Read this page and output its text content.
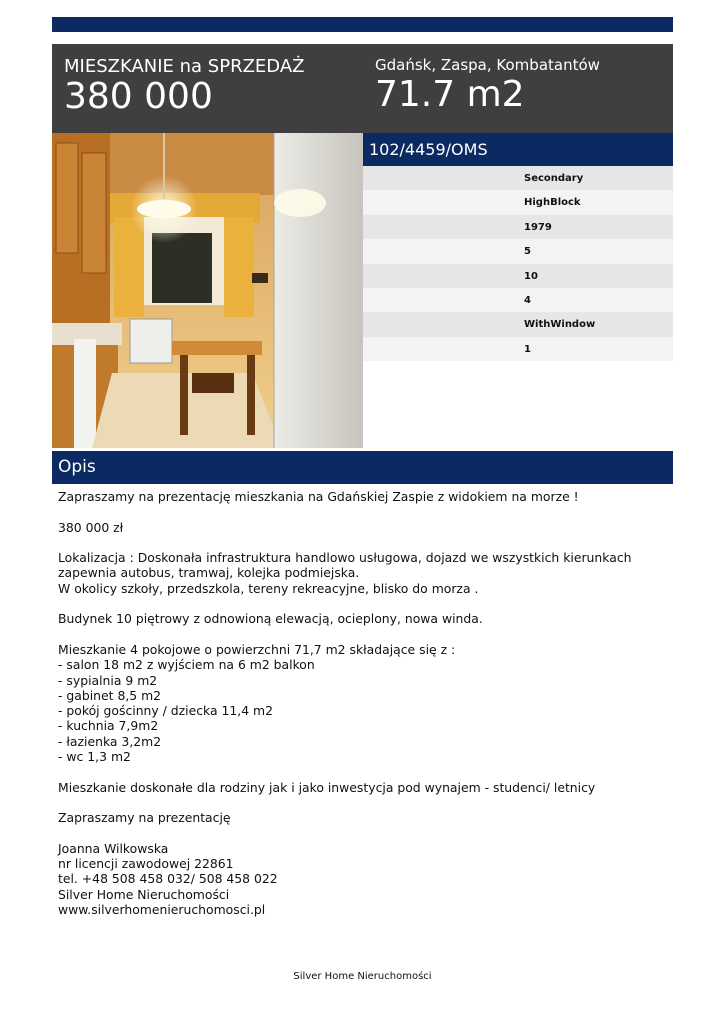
MIESZKANIE na SPRZEDAŻ
380 000
Gdańsk, Zaspa, Kombatantów
71.7 m2
102/4459/OMS
Secondary
HighBlock
1979
5
10
4
WithWindow
1
Opis

Zapraszamy na prezentację mieszkania na Gdańskiej Zaspie z widokiem na morze !

380 000 zł

Lokalizacja : Doskonała infrastruktura handlowo usługowa, dojazd we wszystkich kierunkach
zapewnia autobus, tramwaj, kolejka podmiejska.
W okolicy szkoły, przedszkola, tereny rekreacyjne, blisko do morza .

Budynek 10 piętrowy z odnowioną elewacją, ocieplony, nowa winda.

Mieszkanie 4 pokojowe o powierzchni 71,7 m2 składające się z :
- salon 18 m2 z wyjściem na 6 m2 balkon
- sypialnia 9 m2
- gabinet 8,5 m2
- pokój gościnny / dziecka 11,4 m2
- kuchnia 7,9m2
- łazienka 3,2m2
- wc 1,3 m2

Mieszkanie doskonałe dla rodziny jak i jako inwestycja pod wynajem - studenci/ letnicy

Zapraszamy na prezentację

Joanna Wilkowska
nr licencji zawodowej 22861
tel. +48 508 458 032/ 508 458 022
Silver Home Nieruchomości
www.silverhomenieruchomosci.pl

Silver Home Nieruchomości
